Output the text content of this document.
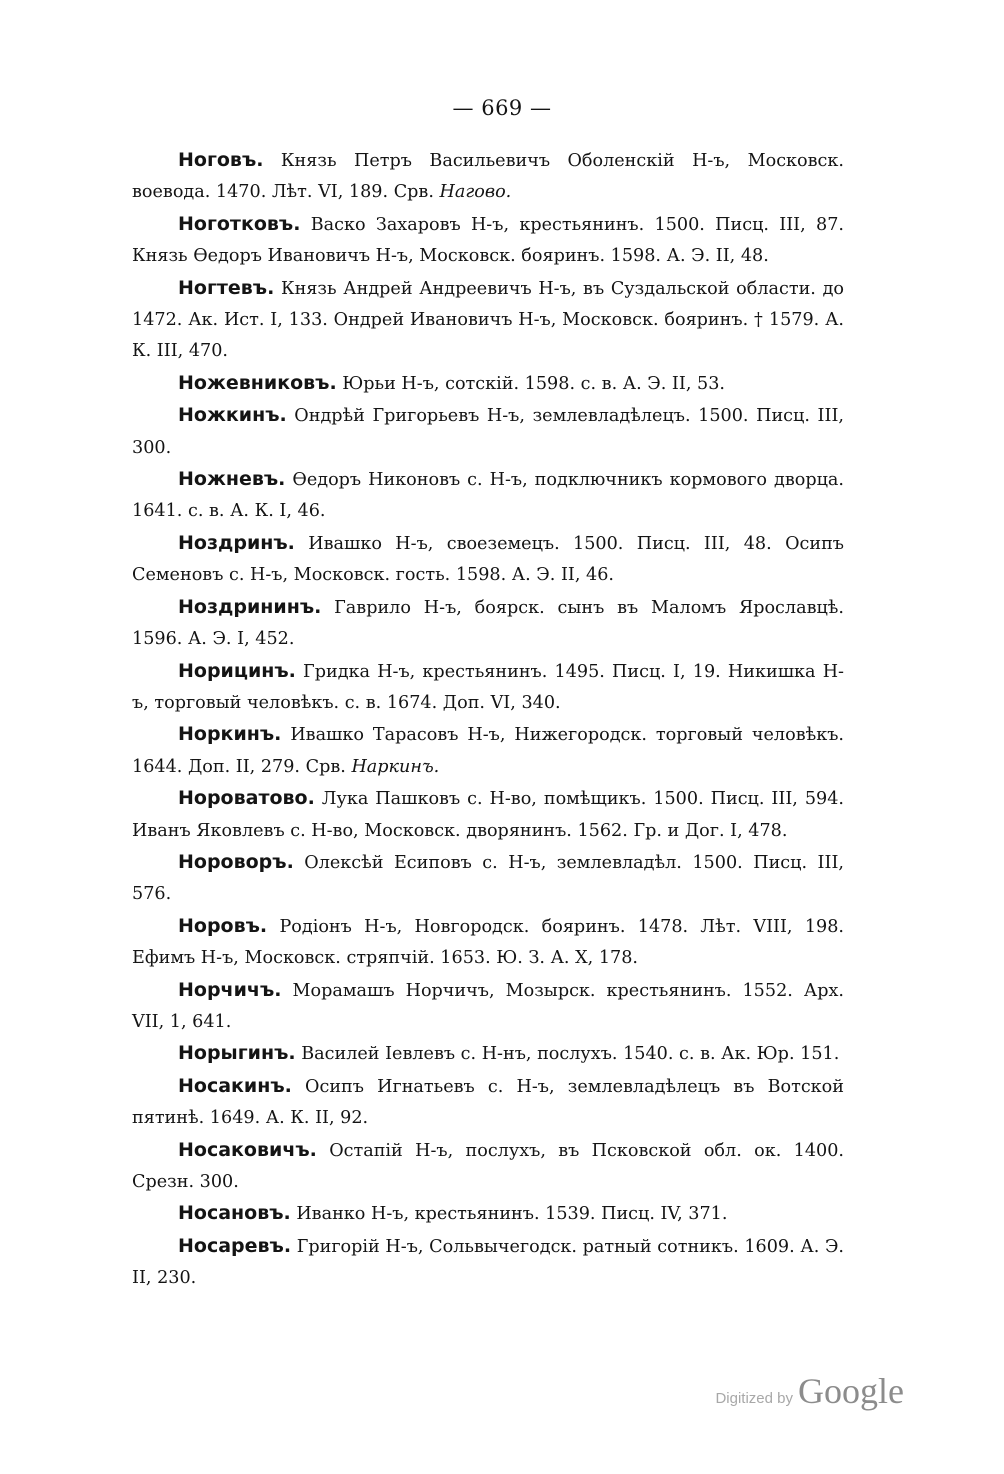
— 669 —

Ноговъ. Князь Петръ Васильевичъ Оболенскій Н-ъ, Московск. воевода. 1470. Лѣт. VI, 189. Срв. Нагово.

Ноготковъ. Васко Захаровъ Н-ъ, крестьянинъ. 1500. Писц. III, 87. Князь Ѳедоръ Ивановичъ Н-ъ, Московск. бояринъ. 1598. А. Э. II, 48.

Ногтевъ. Князь Андрей Андреевичъ Н-ъ, въ Суздальской области. до 1472. Ак. Ист. I, 133. Ондрей Ивановичъ Н-ъ, Московск. бояринъ. † 1579. А. К. III, 470.

Ножевниковъ. Юрьи Н-ъ, сотскій. 1598. с. в. А. Э. II, 53.

Ножкинъ. Ондрѣй Григорьевъ Н-ъ, землевладѣлецъ. 1500. Писц. III, 300.

Ножневъ. Ѳедоръ Никоновъ с. Н-ъ, подключникъ кормового дворца. 1641. с. в. А. К. I, 46.

Ноздринъ. Ивашко Н-ъ, своеземецъ. 1500. Писц. III, 48. Осипъ Семеновъ с. Н-ъ, Московск. гость. 1598. А. Э. II, 46.

Ноздрининъ. Гаврило Н-ъ, боярск. сынъ въ Маломъ Ярославцѣ. 1596. А. Э. I, 452.

Норицинъ. Гридка Н-ъ, крестьянинъ. 1495. Писц. I, 19. Никишка Н-ъ, торговый человѣкъ. с. в. 1674. Доп. VI, 340.

Норкинъ. Ивашко Тарасовъ Н-ъ, Нижегородск. торговый человѣкъ. 1644. Доп. II, 279. Срв. Наркинъ.

Нороватово. Лука Пашковъ с. Н-во, помѣщикъ. 1500. Писц. III, 594. Иванъ Яковлевъ с. Н-во, Московск. дворянинъ. 1562. Гр. и Дог. I, 478.

Нороворъ. Олексѣй Есиповъ с. Н-ъ, землевладѣл. 1500. Писц. III, 576.

Норовъ. Родіонъ Н-ъ, Новгородск. бояринъ. 1478. Лѣт. VIII, 198. Ефимъ Н-ъ, Московск. стряпчій. 1653. Ю. З. А. X, 178.

Норчичъ. Морамашъ Норчичъ, Мозырск. крестьянинъ. 1552. Арх. VII, 1, 641.

Норыгинъ. Василей Іевлевъ с. Н-нъ, послухъ. 1540. с. в. Ак. Юр. 151.

Носакинъ. Осипъ Игнатьевъ с. Н-ъ, землевладѣлецъ въ Вотской пятинѣ. 1649. А. К. II, 92.

Носаковичъ. Остапій Н-ъ, послухъ, въ Псковской обл. ок. 1400. Срезн. 300.

Носановъ. Иванко Н-ъ, крестьянинъ. 1539. Писц. IV, 371.

Носаревъ. Григорій Н-ъ, Сольвычегодск. ратный сотникъ. 1609. А. Э. II, 230.

Digitized by Google
